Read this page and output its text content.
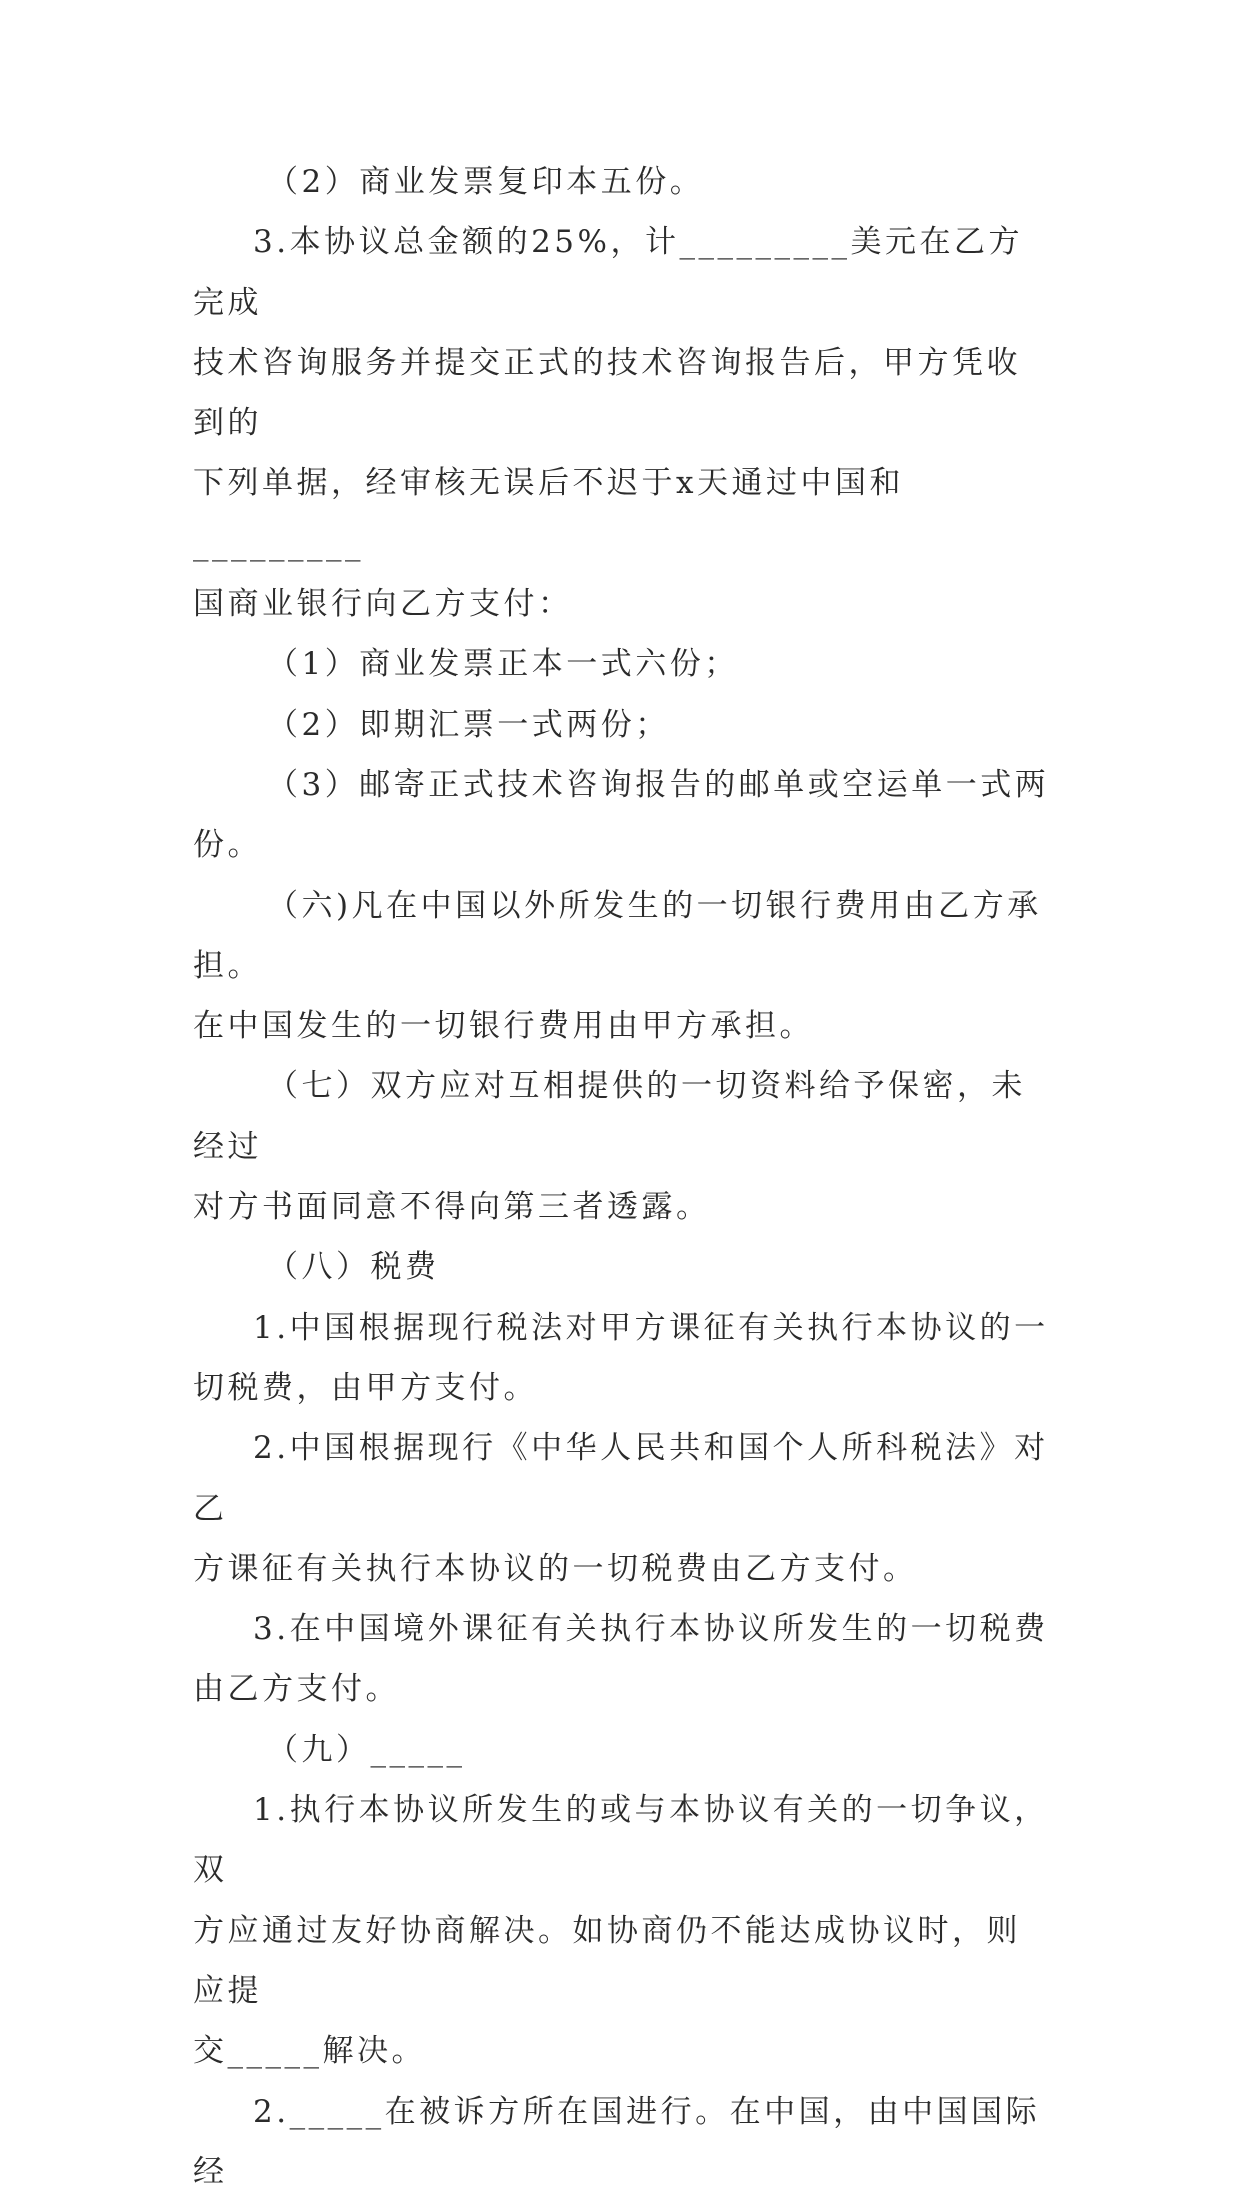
（2）商业发票复印本五份。

3.本协议总金额的25%，计_________美元在乙方完成

技术咨询服务并提交正式的技术咨询报告后，甲方凭收到的

下列单据，经审核无误后不迟于x天通过中国和_________

国商业银行向乙方支付：

（1）商业发票正本一式六份；

（2）即期汇票一式两份；

（3）邮寄正式技术咨询报告的邮单或空运单一式两份。

（六)凡在中国以外所发生的一切银行费用由乙方承担。

在中国发生的一切银行费用由甲方承担。

（七）双方应对互相提供的一切资料给予保密，未经过

对方书面同意不得向第三者透露。

（八）税费

1.中国根据现行税法对甲方课征有关执行本协议的一

切税费，由甲方支付。

2.中国根据现行《中华人民共和国个人所科税法》对乙

方课征有关执行本协议的一切税费由乙方支付。

3.在中国境外课征有关执行本协议所发生的一切税费

由乙方支付。

（九）_____

1.执行本协议所发生的或与本协议有关的一切争议，双

方应通过友好协商解决。如协商仍不能达成协议时，则应提

交_____解决。

2._____在被诉方所在国进行。在中国，由中国国际经
